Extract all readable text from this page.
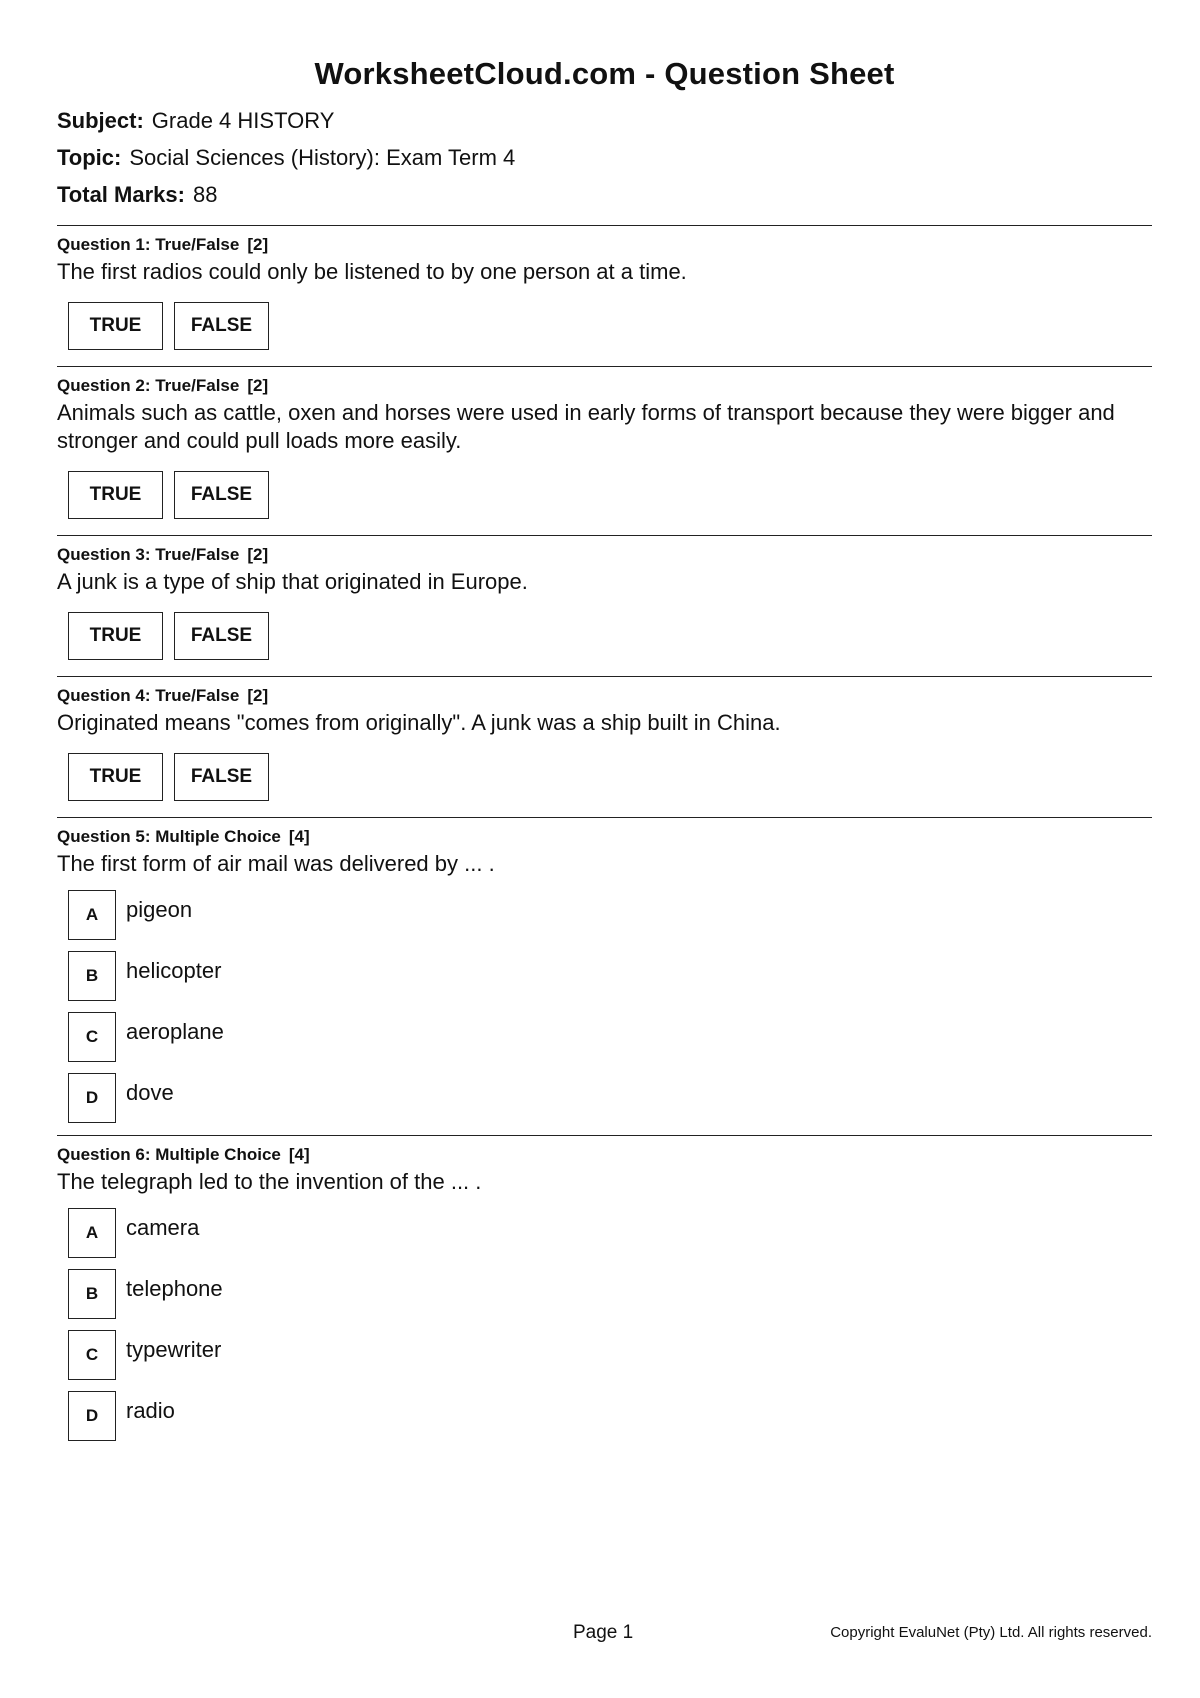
WorksheetCloud.com - Question Sheet
Subject: Grade 4 HISTORY
Topic: Social Sciences (History): Exam Term 4
Total Marks: 88
Question 1: True/False [2]
The first radios could only be listened to by one person at a time.
TRUE	FALSE
Question 2: True/False [2]
Animals such as cattle, oxen and horses were used in early forms of transport because they were bigger and stronger and could pull loads more easily.
TRUE	FALSE
Question 3: True/False [2]
A junk is a type of ship that originated in Europe.
TRUE	FALSE
Question 4: True/False [2]
Originated means "comes from originally". A junk was a ship built in China.
TRUE	FALSE
Question 5: Multiple Choice [4]
The first form of air mail was delivered by ... .
A	pigeon
B	helicopter
C	aeroplane
D	dove
Question 6: Multiple Choice [4]
The telegraph led to the invention of the ... .
A	camera
B	telephone
C	typewriter
D	radio
Page 1	Copyright EvaluNet (Pty) Ltd. All rights reserved.
